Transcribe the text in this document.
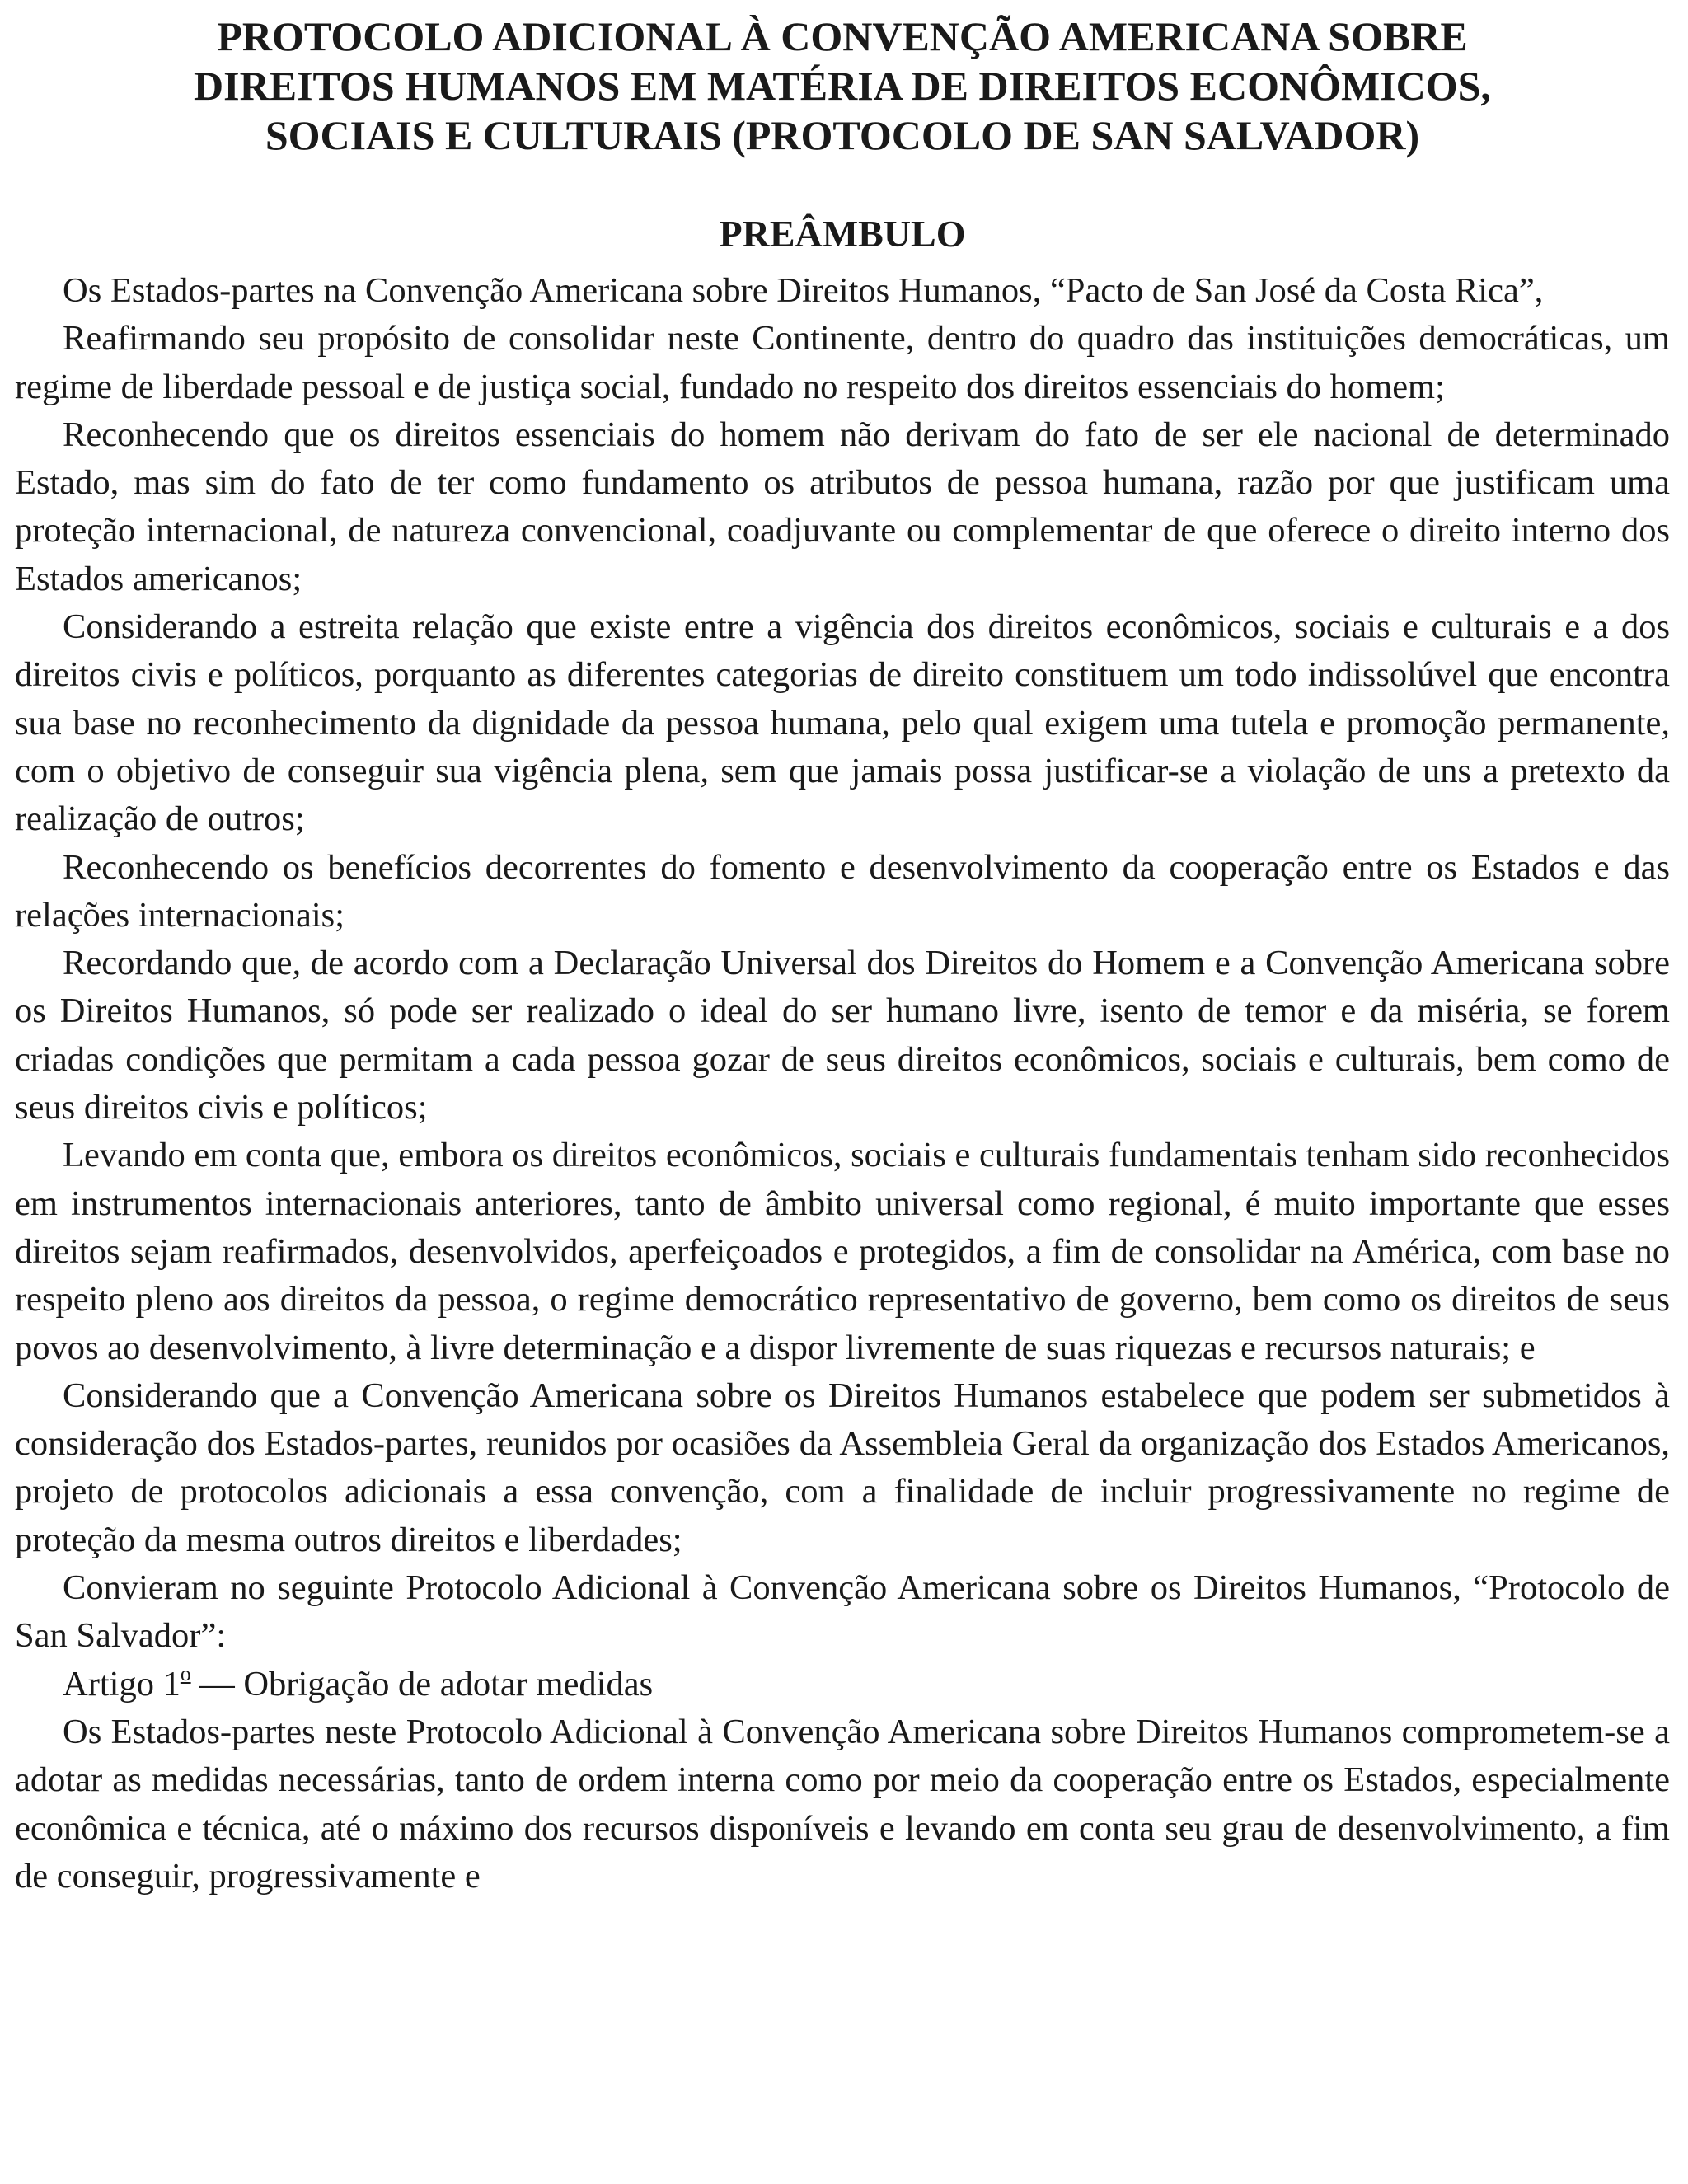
PROTOCOLO ADICIONAL À CONVENÇÃO AMERICANA SOBRE
DIREITOS HUMANOS EM MATÉRIA DE DIREITOS ECONÔMICOS,
SOCIAIS E CULTURAIS (PROTOCOLO DE SAN SALVADOR)
PREÂMBULO

Os Estados-partes na Convenção Americana sobre Direitos Humanos, “Pacto de San José da Costa Rica”,

Reafirmando seu propósito de consolidar neste Continente, dentro do quadro das instituições democráticas, um regime de liberdade pessoal e de justiça social, fundado no respeito dos direitos essenciais do homem;

Reconhecendo que os direitos essenciais do homem não derivam do fato de ser ele nacional de determinado Estado, mas sim do fato de ter como fundamento os atributos de pessoa humana, razão por que justificam uma proteção internacional, de natureza convencional, coadjuvante ou complementar de que oferece o direito interno dos Estados americanos;

Considerando a estreita relação que existe entre a vigência dos direitos econômicos, sociais e culturais e a dos direitos civis e políticos, porquanto as diferentes categorias de direito constituem um todo indissolúvel que encontra sua base no reconhecimento da dignidade da pessoa humana, pelo qual exigem uma tutela e promoção permanente, com o objetivo de conseguir sua vigência plena, sem que jamais possa justificar-se a violação de uns a pretexto da realização de outros;

Reconhecendo os benefícios decorrentes do fomento e desenvolvimento da cooperação entre os Estados e das relações internacionais;

Recordando que, de acordo com a Declaração Universal dos Direitos do Homem e a Convenção Americana sobre os Direitos Humanos, só pode ser realizado o ideal do ser humano livre, isento de temor e da miséria, se forem criadas condições que permitam a cada pessoa gozar de seus direitos econômicos, sociais e culturais, bem como de seus direitos civis e políticos;

Levando em conta que, embora os direitos econômicos, sociais e culturais fundamentais tenham sido reconhecidos em instrumentos internacionais anteriores, tanto de âmbito universal como regional, é muito importante que esses direitos sejam reafirmados, desenvolvidos, aperfeiçoados e protegidos, a fim de consolidar na América, com base no respeito pleno aos direitos da pessoa, o regime democrático representativo de governo, bem como os direitos de seus povos ao desenvolvimento, à livre determinação e a dispor livremente de suas riquezas e recursos naturais; e

Considerando que a Convenção Americana sobre os Direitos Humanos estabelece que podem ser submetidos à consideração dos Estados-partes, reunidos por ocasiões da Assembleia Geral da organização dos Estados Americanos, projeto de protocolos adicionais a essa convenção, com a finalidade de incluir progressivamente no regime de proteção da mesma outros direitos e liberdades;

Convieram no seguinte Protocolo Adicional à Convenção Americana sobre os Direitos Humanos, “Protocolo de San Salvador”:

Artigo 1$^o$ — Obrigação de adotar medidas

Os Estados-partes neste Protocolo Adicional à Convenção Americana sobre Direitos Humanos comprometem-se a adotar as medidas necessárias, tanto de ordem interna como por meio da cooperação entre os Estados, especialmente econômica e técnica, até o máximo dos recursos disponíveis e levando em conta seu grau de desenvolvimento, a fim de conseguir, progressivamente e
